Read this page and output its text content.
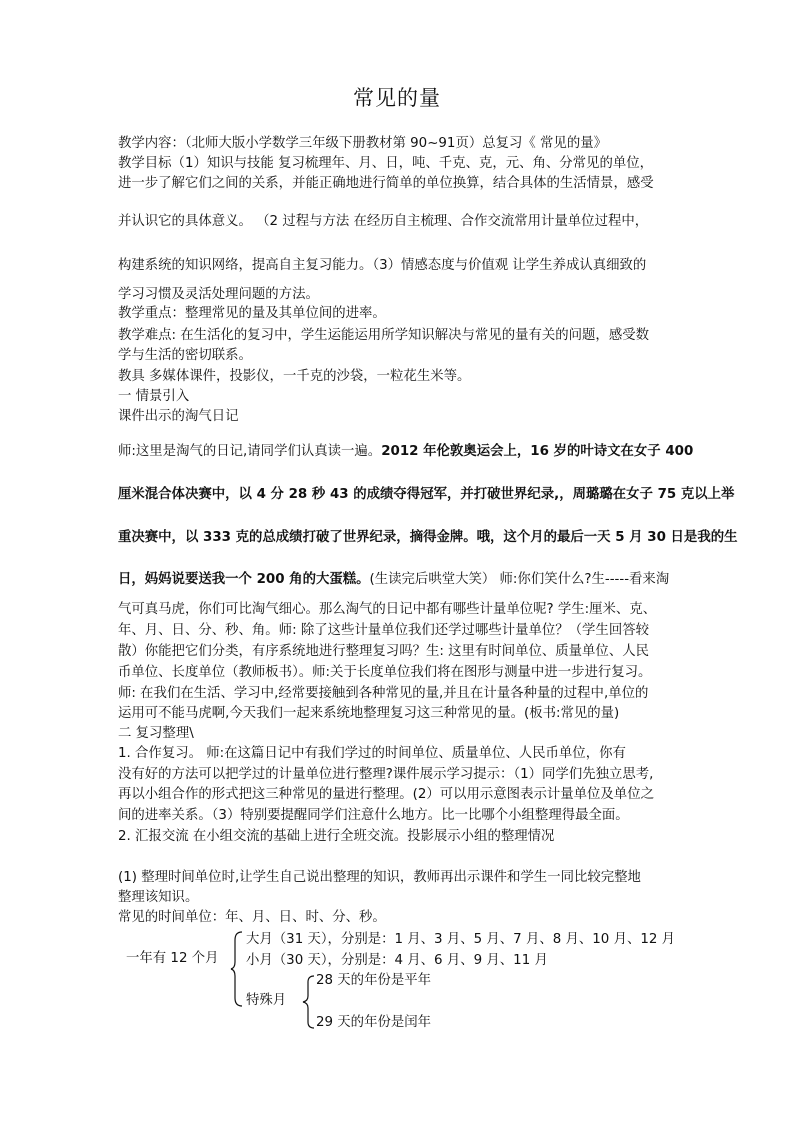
常见的量
教学内容：（北师大版小学数学三年级下册教材第 90~91页）总复习《 常见的量》
教学目标（1）知识与技能 复习梳理年、月、日，吨、千克、克，元、角、分常见的单位，
进一步了解它们之间的关系，并能正确地进行简单的单位换算，结合具体的生活情景，感受
并认识它的具体意义。 （2 过程与方法 在经历自主梳理、合作交流常用计量单位过程中，
构建系统的知识网络，提高自主复习能力。（3）情感态度与价值观 让学生养成认真细致的
学习习惯及灵活处理问题的方法。
教学重点：整理常见的量及其单位间的进率。
教学难点: 在生活化的复习中，学生运能运用所学知识解决与常见的量有关的问题，感受数
学与生活的密切联系。
教具 多媒体课件，投影仪，一千克的沙袋，一粒花生米等。
一 情景引入
课件出示的淘气日记
师:这里是淘气的日记,请同学们认真读一遍。2012 年伦敦奥运会上，16 岁的叶诗文在女子 400
厘米混合体决赛中，以 4 分 28 秒 43 的成绩夺得冠军，并打破世界纪录,，周璐璐在女子 75 克以上举
重决赛中，以 333 克的总成绩打破了世界纪录，摘得金牌。哦，这个月的最后一天 5 月 30 日是我的生
日，妈妈说要送我一个 200 角的大蛋糕。(生读完后哄堂大笑） 师:你们笑什么?生-----看来淘
气可真马虎，你们可比淘气细心。那么淘气的日记中都有哪些计量单位呢? 学生:厘米、克、
年、月、日、分、秒、角。师: 除了这些计量单位我们还学过哪些计量单位？（学生回答较
散）你能把它们分类，有序系统地进行整理复习吗？生: 这里有时间单位、质量单位、人民
币单位、长度单位（教师板书）。师:关于长度单位我们将在图形与测量中进一步进行复习。
师: 在我们在生活、学习中,经常要接触到各种常见的量,并且在计量各种量的过程中,单位的
运用可不能马虎啊,今天我们一起来系统地整理复习这三种常见的量。(板书:常见的量)
二 复习整理\
1. 合作复习。 师:在这篇日记中有我们学过的时间单位、质量单位、人民币单位，你有
没有好的方法可以把学过的计量单位进行整理?课件展示学习提示：（1）同学们先独立思考,
再以小组合作的形式把这三种常见的量进行整理。(2）可以用示意图表示计量单位及单位之
间的进率关系。（3）特别要提醒同学们注意什么地方。比一比哪个小组整理得最全面。
2. 汇报交流 在小组交流的基础上进行全班交流。投影展示小组的整理情况
(1) 整理时间单位时,让学生自己说出整理的知识，教师再出示课件和学生一同比较完整地
整理该知识。
常见的时间单位：年、月、日、时、分、秒。
一年有 12 个月
大月（31 天），分别是：1 月、3 月、5 月、7 月、8 月、10 月、12 月
小月（30 天），分别是：4 月、6 月、9 月、11 月
特殊月
28 天的年份是平年
29 天的年份是闰年
